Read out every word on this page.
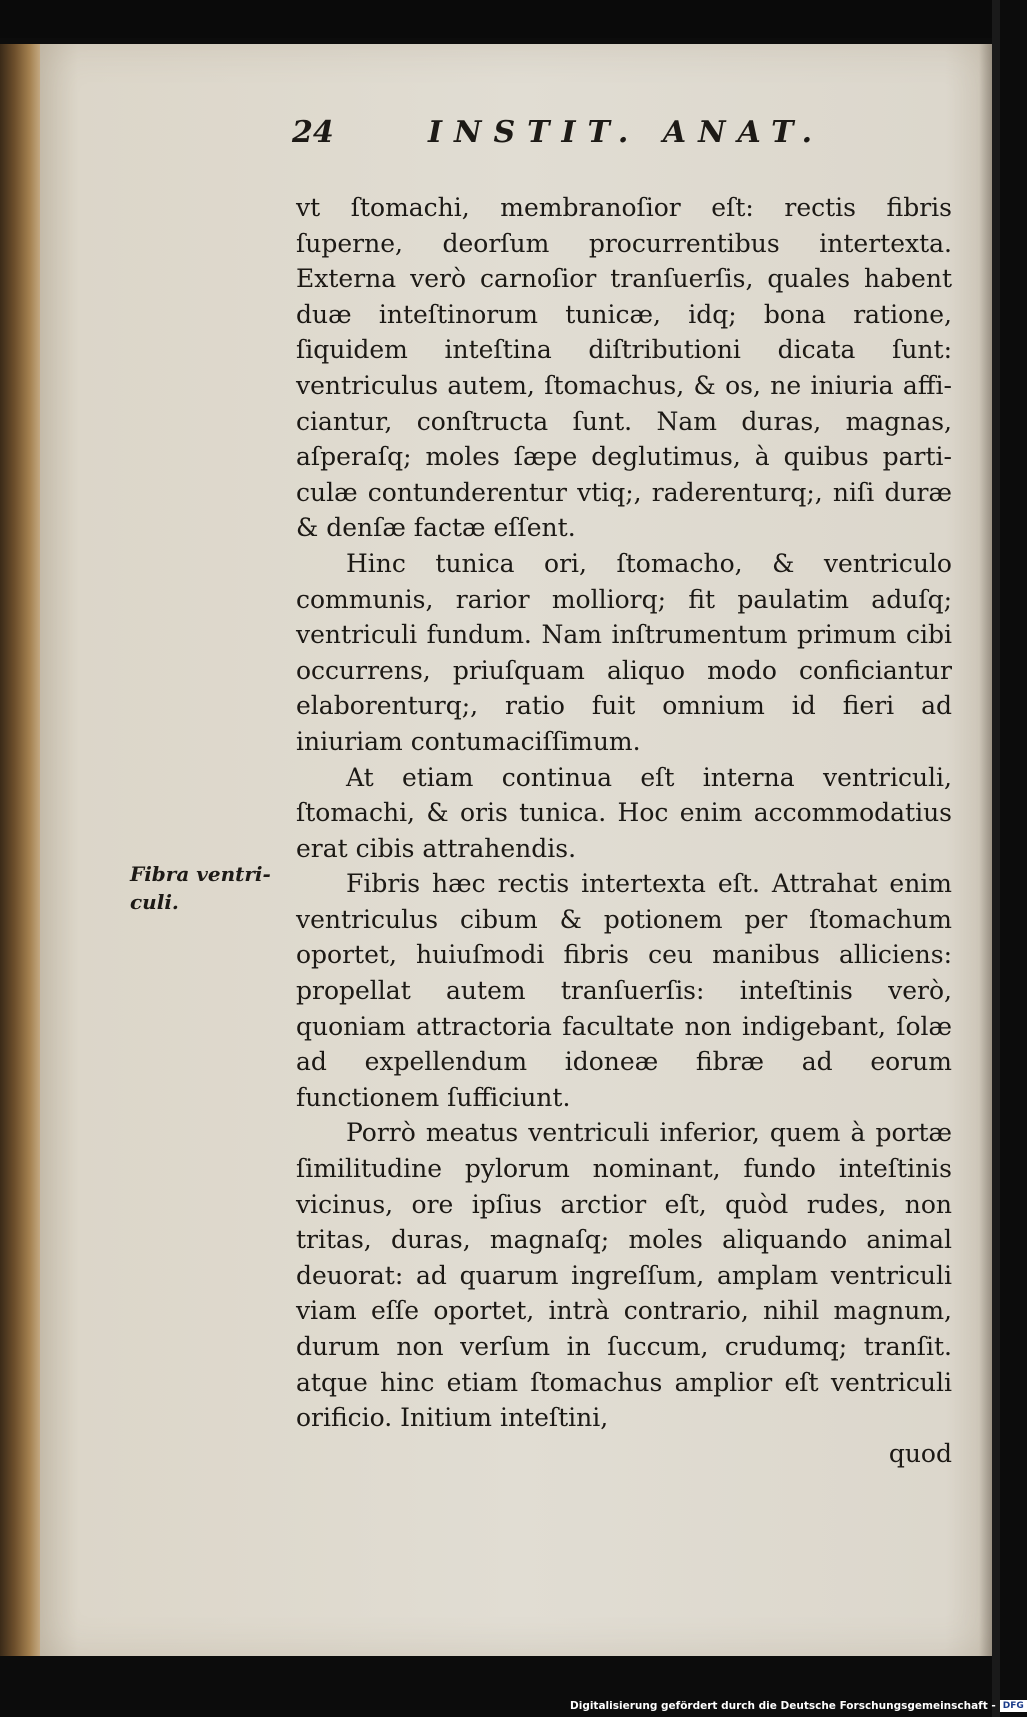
24	INSTIT. ANAT.
Fibra ventri- culi.

vt ſtomachi, membranoſior eſt: rectis fibris ſuperne, deorſum procurrentibus intertexta. Externa verò carnoſior tranſuerſis, quales habent duæ inteſtinorum tunicæ, idq; bona ratione, ſiquidem inteſtina diſtributioni dicata ſunt: ventriculus autem, ſtomachus, & os, ne iniuria afficiantur, conſtructa ſunt. Nam duras, magnas, aſperaſq; moles ſæpe deglutimus, à quibus particulæ contunderentur vtiq;, raderenturq;, niſi duræ & denſæ factæ eſſent.

Hinc tunica ori, ſtomacho, & ventriculo communis, rarior molliorq; fit paulatim aduſq; ventriculi fundum. Nam inſtrumentum primum cibi occurrens, priuſquam aliquo modo conficiantur elaborenturq;, ratio fuit omnium id fieri ad iniuriam contumaciſſimum.

At etiam continua eſt interna ventriculi, ſtomachi, & oris tunica. Hoc enim accommodatius erat cibis attrahendis.

Fibris hæc rectis intertexta eſt. Attrahat enim ventriculus cibum & potionem per ſtomachum oportet, huiuſmodi fibris ceu manibus alliciens: propellat autem tranſuerſis: inteſtinis verò, quoniam attractoria facultate non indigebant, ſolæ ad expellendum idoneæ fibræ ad eorum functionem ſufficiunt.

Porrò meatus ventriculi inferior, quem à portæ ſimilitudine pylorum nominant, fundo inteſtinis vicinus, ore ipſius arctior eſt, quòd rudes, non tritas, duras, magnaſq; moles aliquando animal deuorat: ad quarum ingreſſum, amplam ventriculi viam eſſe oportet, intrà contrario, nihil magnum, durum non verſum in ſuccum, crudumq; tranſit. atque hinc etiam ſtomachus amplior eſt ventriculi orificio. Initium inteſtini,

quod
Digitalisierung gefördert durch die Deutsche Forschungsgemeinschaft - DFG
